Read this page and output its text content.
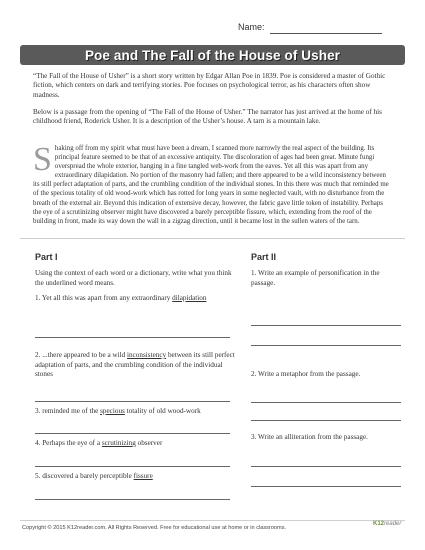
Name:
Poe and The Fall of the House of Usher

“The Fall of the House of Usher” is a short story written by Edgar Allan Poe in 1839. Poe is considered a master of Gothic fiction, which centers on dark and terrifying stories. Poe focuses on psychological terror, as his characters often show madness.

Below is a passage from the opening of “The Fall of the House of Usher.” The narrator has just arrived at the home of his childhood friend, Roderick Usher. It is a description of the Usher’s house. A tarn is a mountain lake.

S haking off from my spirit what must have been a dream, I scanned more narrowly the real aspect of the building. Its principal feature seemed to be that of an excessive antiquity. The discoloration of ages had been great. Minute fungi overspread the whole exterior, hanging in a fine tangled web-work from the eaves. Yet all this was apart from any extraordinary dilapidation. No portion of the masonry had fallen; and there appeared to be a wild inconsistency between its still perfect adaptation of parts, and the crumbling condition of the individual stones. In this there was much that reminded me of the specious totality of old wood-work which has rotted for long years in some neglected vault, with no disturbance from the breath of the external air. Beyond this indication of extensive decay, however, the fabric gave little token of instability. Perhaps the eye of a scrutinizing observer might have discovered a barely perceptible fissure, which, extending from the roof of the building in front, made its way down the wall in a zigzag direction, until it became lost in the sullen waters of the tarn.

Part I	Part II

Using the context of each word or a dictionary, write what you think the underlined word means.

1. Yet all this was apart from any extraordinary dilapidation

2. ...there appeared to be a wild inconsistency between its still perfect adaptation of parts, and the crumbling condition of the individual stones

3. reminded me of the specious totality of old wood-work

4. Perhaps the eye of a scrutinizing observer

5. discovered a barely perceptible fissure

1. Write an example of personification in the passage.

2. Write a metaphor from the passage.

3. Write an alliteration from the passage.

Copyright © 2015 K12reader.com. All Rights Reserved. Free for educational use at home or in classrooms.
K12reader
